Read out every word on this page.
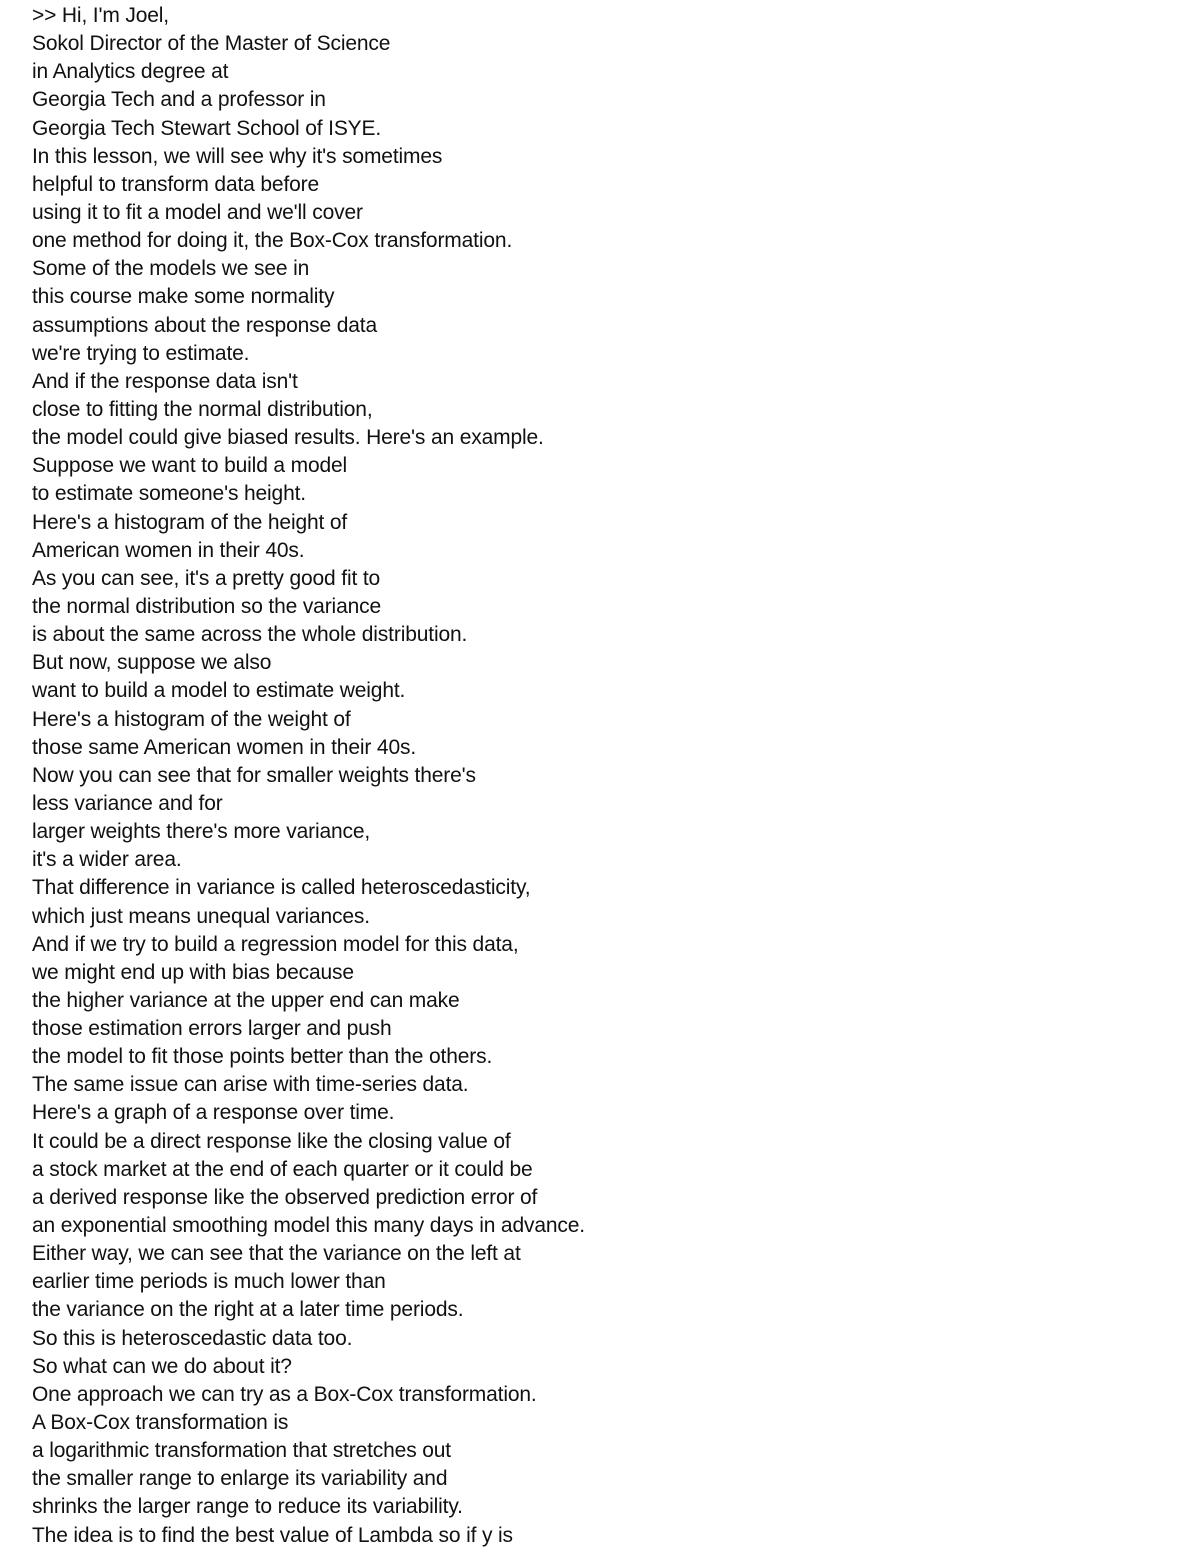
>> Hi, I'm Joel,
Sokol Director of the Master of Science
in Analytics degree at
Georgia Tech and a professor in
Georgia Tech Stewart School of ISYE.
In this lesson, we will see why it's sometimes
helpful to transform data before
using it to fit a model and we'll cover
one method for doing it, the Box-Cox transformation.
Some of the models we see in
this course make some normality
assumptions about the response data
we're trying to estimate.
And if the response data isn't
close to fitting the normal distribution,
the model could give biased results. Here's an example.
Suppose we want to build a model
to estimate someone's height.
Here's a histogram of the height of
American women in their 40s.
As you can see, it's a pretty good fit to
the normal distribution so the variance
is about the same across the whole distribution.
But now, suppose we also
want to build a model to estimate weight.
Here's a histogram of the weight of
those same American women in their 40s.
Now you can see that for smaller weights there's
less variance and for
larger weights there's more variance,
it's a wider area.
That difference in variance is called heteroscedasticity,
which just means unequal variances.
And if we try to build a regression model for this data,
we might end up with bias because
the higher variance at the upper end can make
those estimation errors larger and push
the model to fit those points better than the others.
The same issue can arise with time-series data.
Here's a graph of a response over time.
It could be a direct response like the closing value of
a stock market at the end of each quarter or it could be
a derived response like the observed prediction error of
an exponential smoothing model this many days in advance.
Either way, we can see that the variance on the left at
earlier time periods is much lower than
the variance on the right at a later time periods.
So this is heteroscedastic data too.
So what can we do about it?
One approach we can try as a Box-Cox transformation.
A Box-Cox transformation is
a logarithmic transformation that stretches out
the smaller range to enlarge its variability and
shrinks the larger range to reduce its variability.
The idea is to find the best value of Lambda so if y is
